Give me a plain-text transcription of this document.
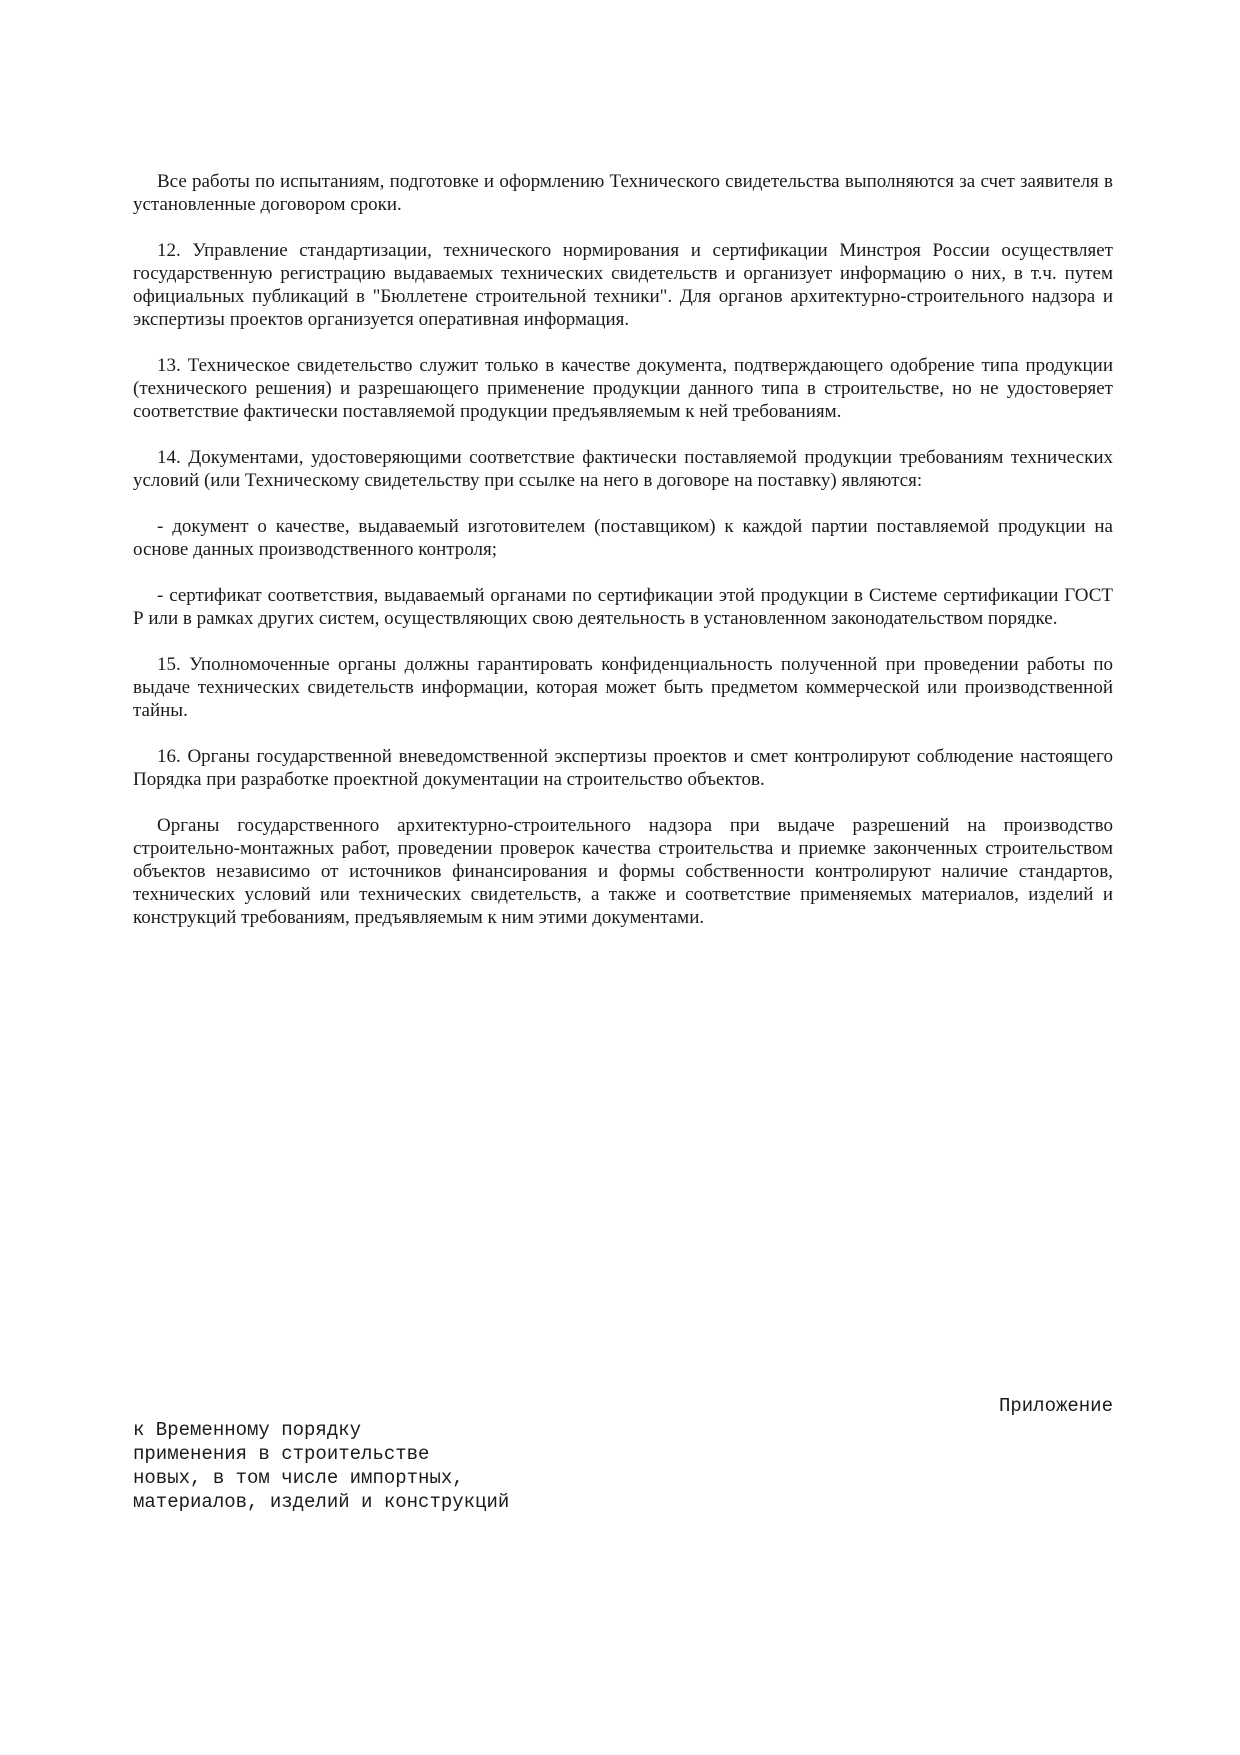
Все работы по испытаниям, подготовке и оформлению Технического свидетельства выполняются за счет заявителя в установленные договором сроки.

12. Управление стандартизации, технического нормирования и сертификации Минстроя России осуществляет государственную регистрацию выдаваемых технических свидетельств и организует информацию о них, в т.ч. путем официальных публикаций в "Бюллетене строительной техники". Для органов архитектурно-строительного надзора и экспертизы проектов организуется оперативная информация.

13. Техническое свидетельство служит только в качестве документа, подтверждающего одобрение типа продукции (технического решения) и разрешающего применение продукции данного типа в строительстве, но не удостоверяет соответствие фактически поставляемой продукции предъявляемым к ней требованиям.

14. Документами, удостоверяющими соответствие фактически поставляемой продукции требованиям технических условий (или Техническому свидетельству при ссылке на него в договоре на поставку) являются:

- документ о качестве, выдаваемый изготовителем (поставщиком) к каждой партии поставляемой продукции на основе данных производственного контроля;

- сертификат соответствия, выдаваемый органами по сертификации этой продукции в Системе сертификации ГОСТ Р или в рамках других систем, осуществляющих свою деятельность в установленном законодательством порядке.

15. Уполномоченные органы должны гарантировать конфиденциальность полученной при проведении работы по выдаче технических свидетельств информации, которая может быть предметом коммерческой или производственной тайны.

16. Органы государственной вневедомственной экспертизы проектов и смет контролируют соблюдение настоящего Порядка при разработке проектной документации на строительство объектов.

Органы государственного архитектурно-строительного надзора при выдаче разрешений на производство строительно-монтажных работ, проведении проверок качества строительства и приемке законченных строительством объектов независимо от источников финансирования и формы собственности контролируют наличие стандартов, технических условий или технических свидетельств, а также и соответствие применяемых материалов, изделий и конструкций требованиям, предъявляемым к ним этими документами.

Приложение
к Временному порядку
применения в строительстве
новых, в том числе импортных,
материалов, изделий и конструкций
